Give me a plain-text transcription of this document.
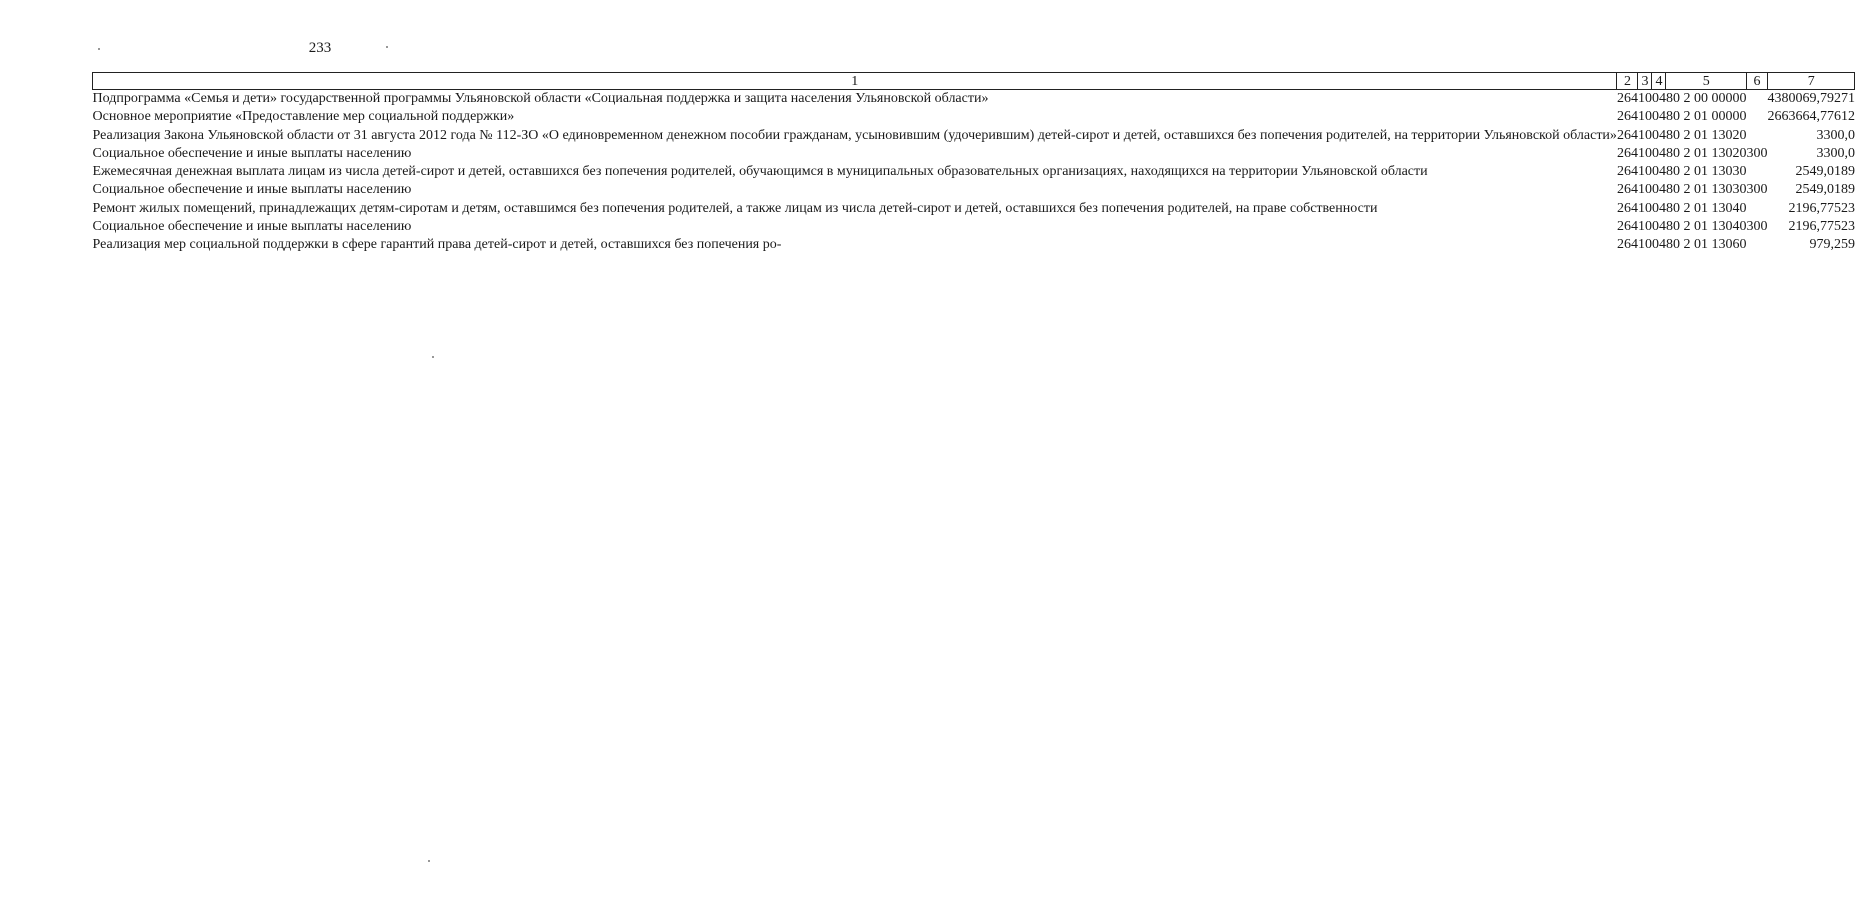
233
1	2	3	4	5	6	7
Подпрограмма «Семья и дети» государственной программы Ульяновской области «Социальная поддержка и защита населения Ульяновской области»	264	10	04	80 2 00 00000		4380069,79271
Основное мероприятие «Предоставление мер социальной поддержки»	264	10	04	80 2 01 00000		2663664,77612
Реализация Закона Ульяновской области от 31 августа 2012 года № 112-ЗО «О единовременном денежном пособии гражданам, усыновившим (удочерившим) детей-сирот и детей, оставшихся без попечения родителей, на территории Ульяновской области»	264	10	04	80 2 01 13020		3300,0
Социальное обеспечение и иные выплаты населению	264	10	04	80 2 01 13020	300	3300,0
Ежемесячная денежная выплата лицам из числа детей-сирот и детей, оставшихся без попечения родителей, обучающимся в муниципальных образовательных организациях, находящихся на территории Ульяновской области	264	10	04	80 2 01 13030		2549,0189
Социальное обеспечение и иные выплаты населению	264	10	04	80 2 01 13030	300	2549,0189
Ремонт жилых помещений, принадлежащих детям-сиротам и детям, оставшимся без попечения родителей, а также лицам из числа детей-сирот и детей, оставшихся без попечения родителей, на праве собственности	264	10	04	80 2 01 13040		2196,77523
Социальное обеспечение и иные выплаты населению	264	10	04	80 2 01 13040	300	2196,77523
Реализация мер социальной поддержки в сфере гарантий права детей-сирот и детей, оставшихся без попечения ро-	264	10	04	80 2 01 13060		979,259
